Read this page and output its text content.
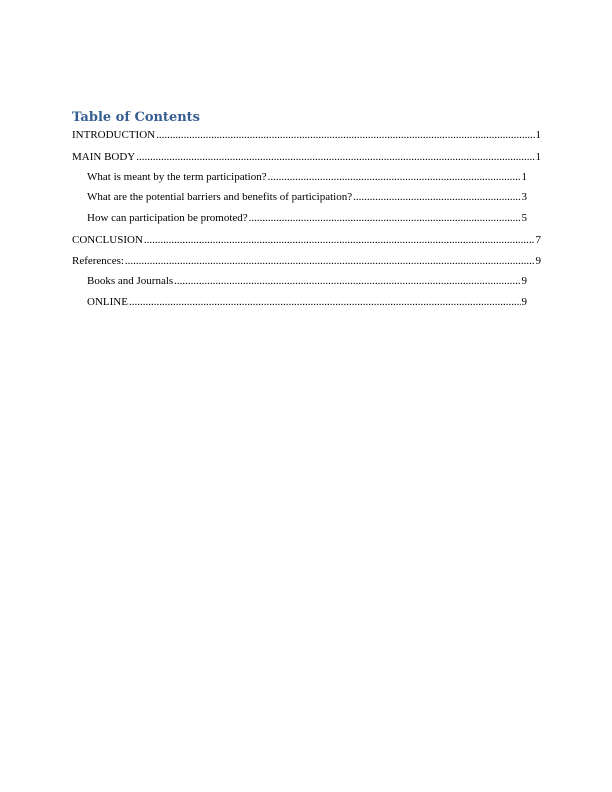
Table of Contents
INTRODUCTION .....	1
MAIN BODY .....	1
What is meant by the term participation? .....	1
What are the potential barriers and benefits of participation? .....	3
How can participation be promoted? .....	5
CONCLUSION .....	7
References: .....	9
Books and Journals .....	9
ONLINE .....	9
